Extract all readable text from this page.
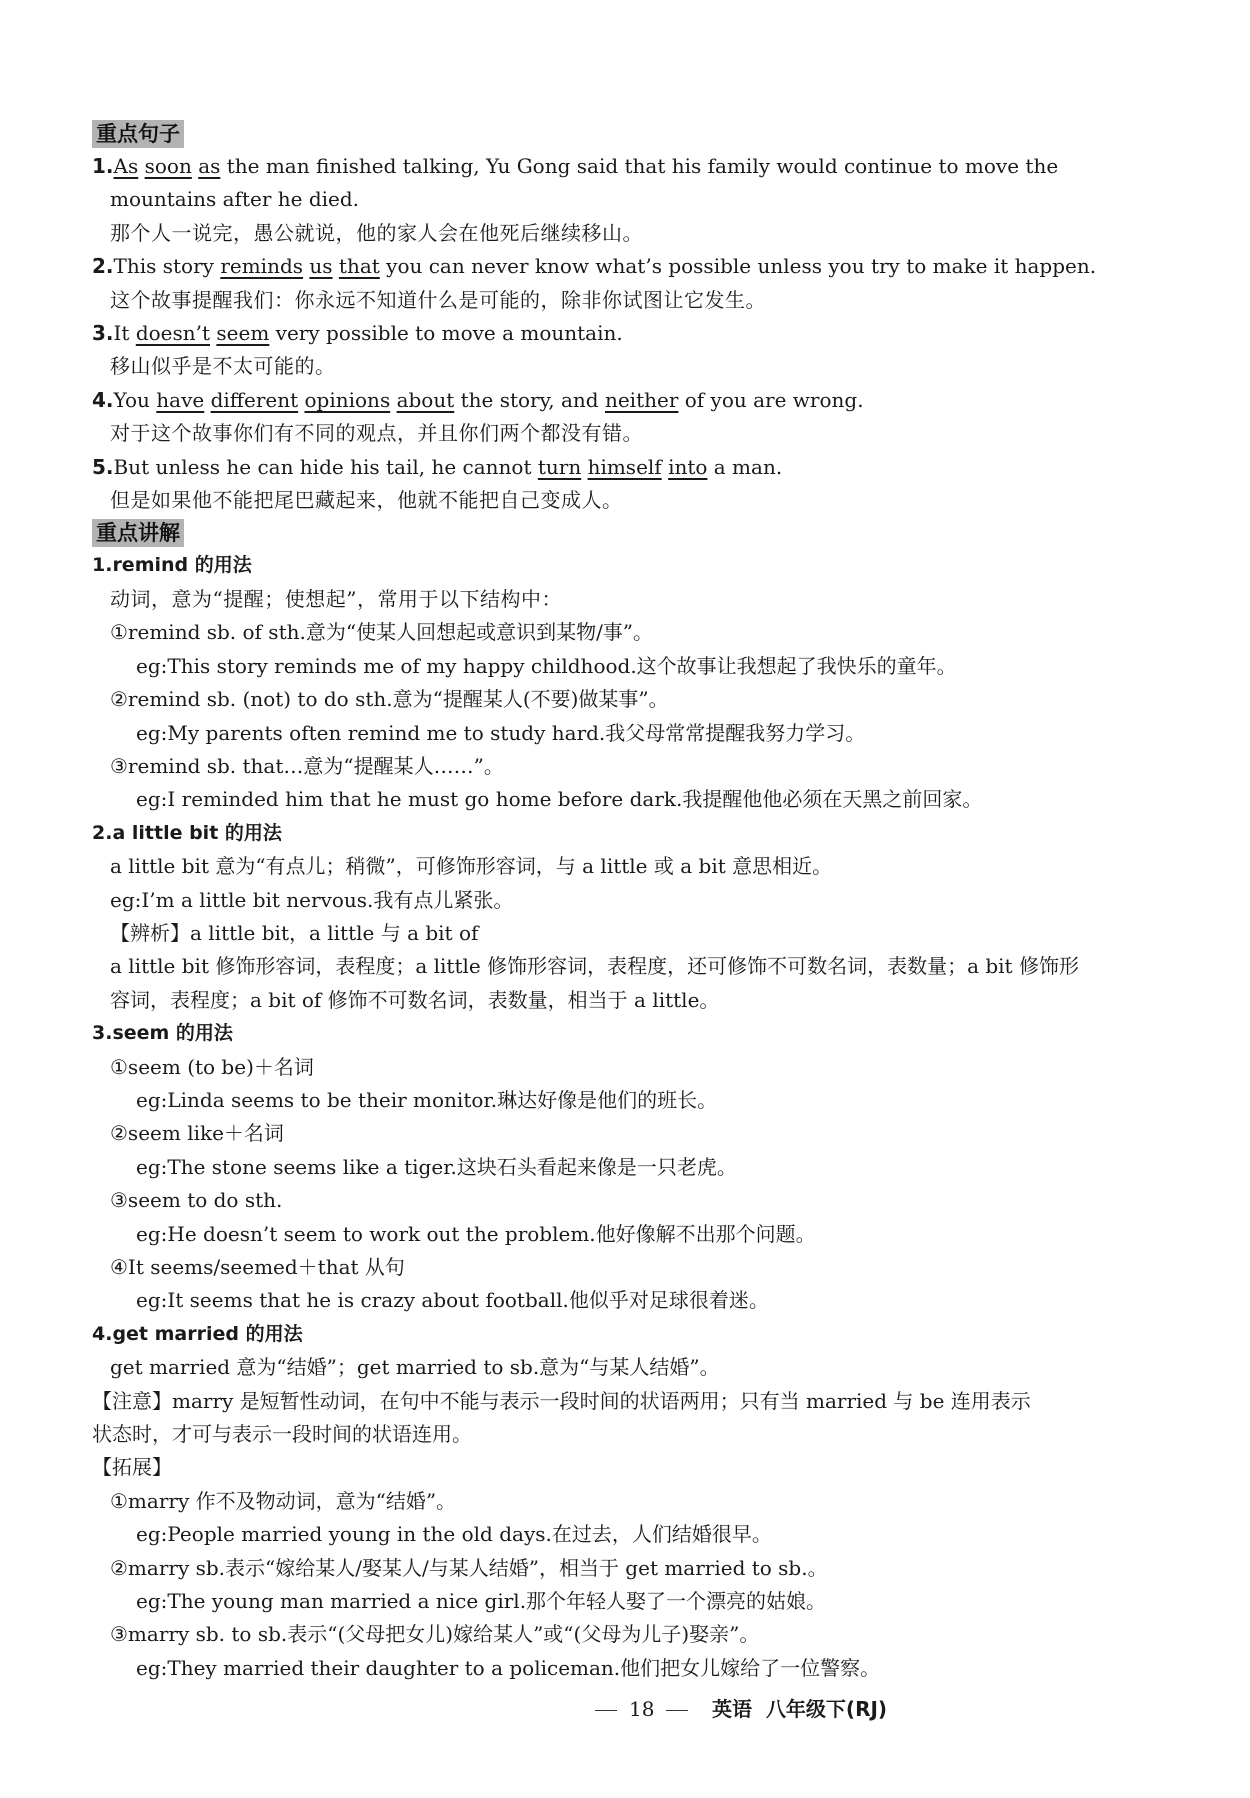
重点句子
1.As soon as the man finished talking, Yu Gong said that his family would continue to move the
mountains after he died.
那个人一说完，愚公就说，他的家人会在他死后继续移山。
2.This story reminds us that you can never know what’s possible unless you try to make it happen.
这个故事提醒我们：你永远不知道什么是可能的，除非你试图让它发生。
3.It doesn’t seem very possible to move a mountain.
移山似乎是不太可能的。
4.You have different opinions about the story, and neither of you are wrong.
对于这个故事你们有不同的观点，并且你们两个都没有错。
5.But unless he can hide his tail, he cannot turn himself into a man.
但是如果他不能把尾巴藏起来，他就不能把自己变成人。
重点讲解
1.remind 的用法
动词，意为“提醒；使想起”，常用于以下结构中：
①remind sb. of sth.意为“使某人回想起或意识到某物/事”。
eg:This story reminds me of my happy childhood.这个故事让我想起了我快乐的童年。
②remind sb. (not) to do sth.意为“提醒某人(不要)做某事”。
eg:My parents often remind me to study hard.我父母常常提醒我努力学习。
③remind sb. that…意为“提醒某人……”。
eg:I reminded him that he must go home before dark.我提醒他他必须在天黑之前回家。
2.a little bit 的用法
a little bit 意为“有点儿；稍微”，可修饰形容词，与 a little 或 a bit 意思相近。
eg:I’m a little bit nervous.我有点儿紧张。
【辨析】a little bit，a little 与 a bit of
a little bit 修饰形容词，表程度；a little 修饰形容词，表程度，还可修饰不可数名词，表数量；a bit 修饰形
容词，表程度；a bit of 修饰不可数名词，表数量，相当于 a little。
3.seem 的用法
①seem (to be)＋名词
eg:Linda seems to be their monitor.琳达好像是他们的班长。
②seem like＋名词
eg:The stone seems like a tiger.这块石头看起来像是一只老虎。
③seem to do sth.
eg:He doesn’t seem to work out the problem.他好像解不出那个问题。
④It seems/seemed＋that 从句
eg:It seems that he is crazy about football.他似乎对足球很着迷。
4.get married 的用法
get married 意为“结婚”；get married to sb.意为“与某人结婚”。
【注意】marry 是短暂性动词，在句中不能与表示一段时间的状语两用；只有当 married 与 be 连用表示
状态时，才可与表示一段时间的状语连用。
【拓展】
①marry 作不及物动词，意为“结婚”。
eg:People married young in the old days.在过去，人们结婚很早。
②marry sb.表示“嫁给某人/娶某人/与某人结婚”，相当于 get married to sb.。
eg:The young man married a nice girl.那个年轻人娶了一个漂亮的姑娘。
③marry sb. to sb.表示“(父母把女儿)嫁给某人”或“(父母为儿子)娶亲”。
eg:They married their daughter to a policeman.他们把女儿嫁给了一位警察。
18	英语 八年级下(RJ)
